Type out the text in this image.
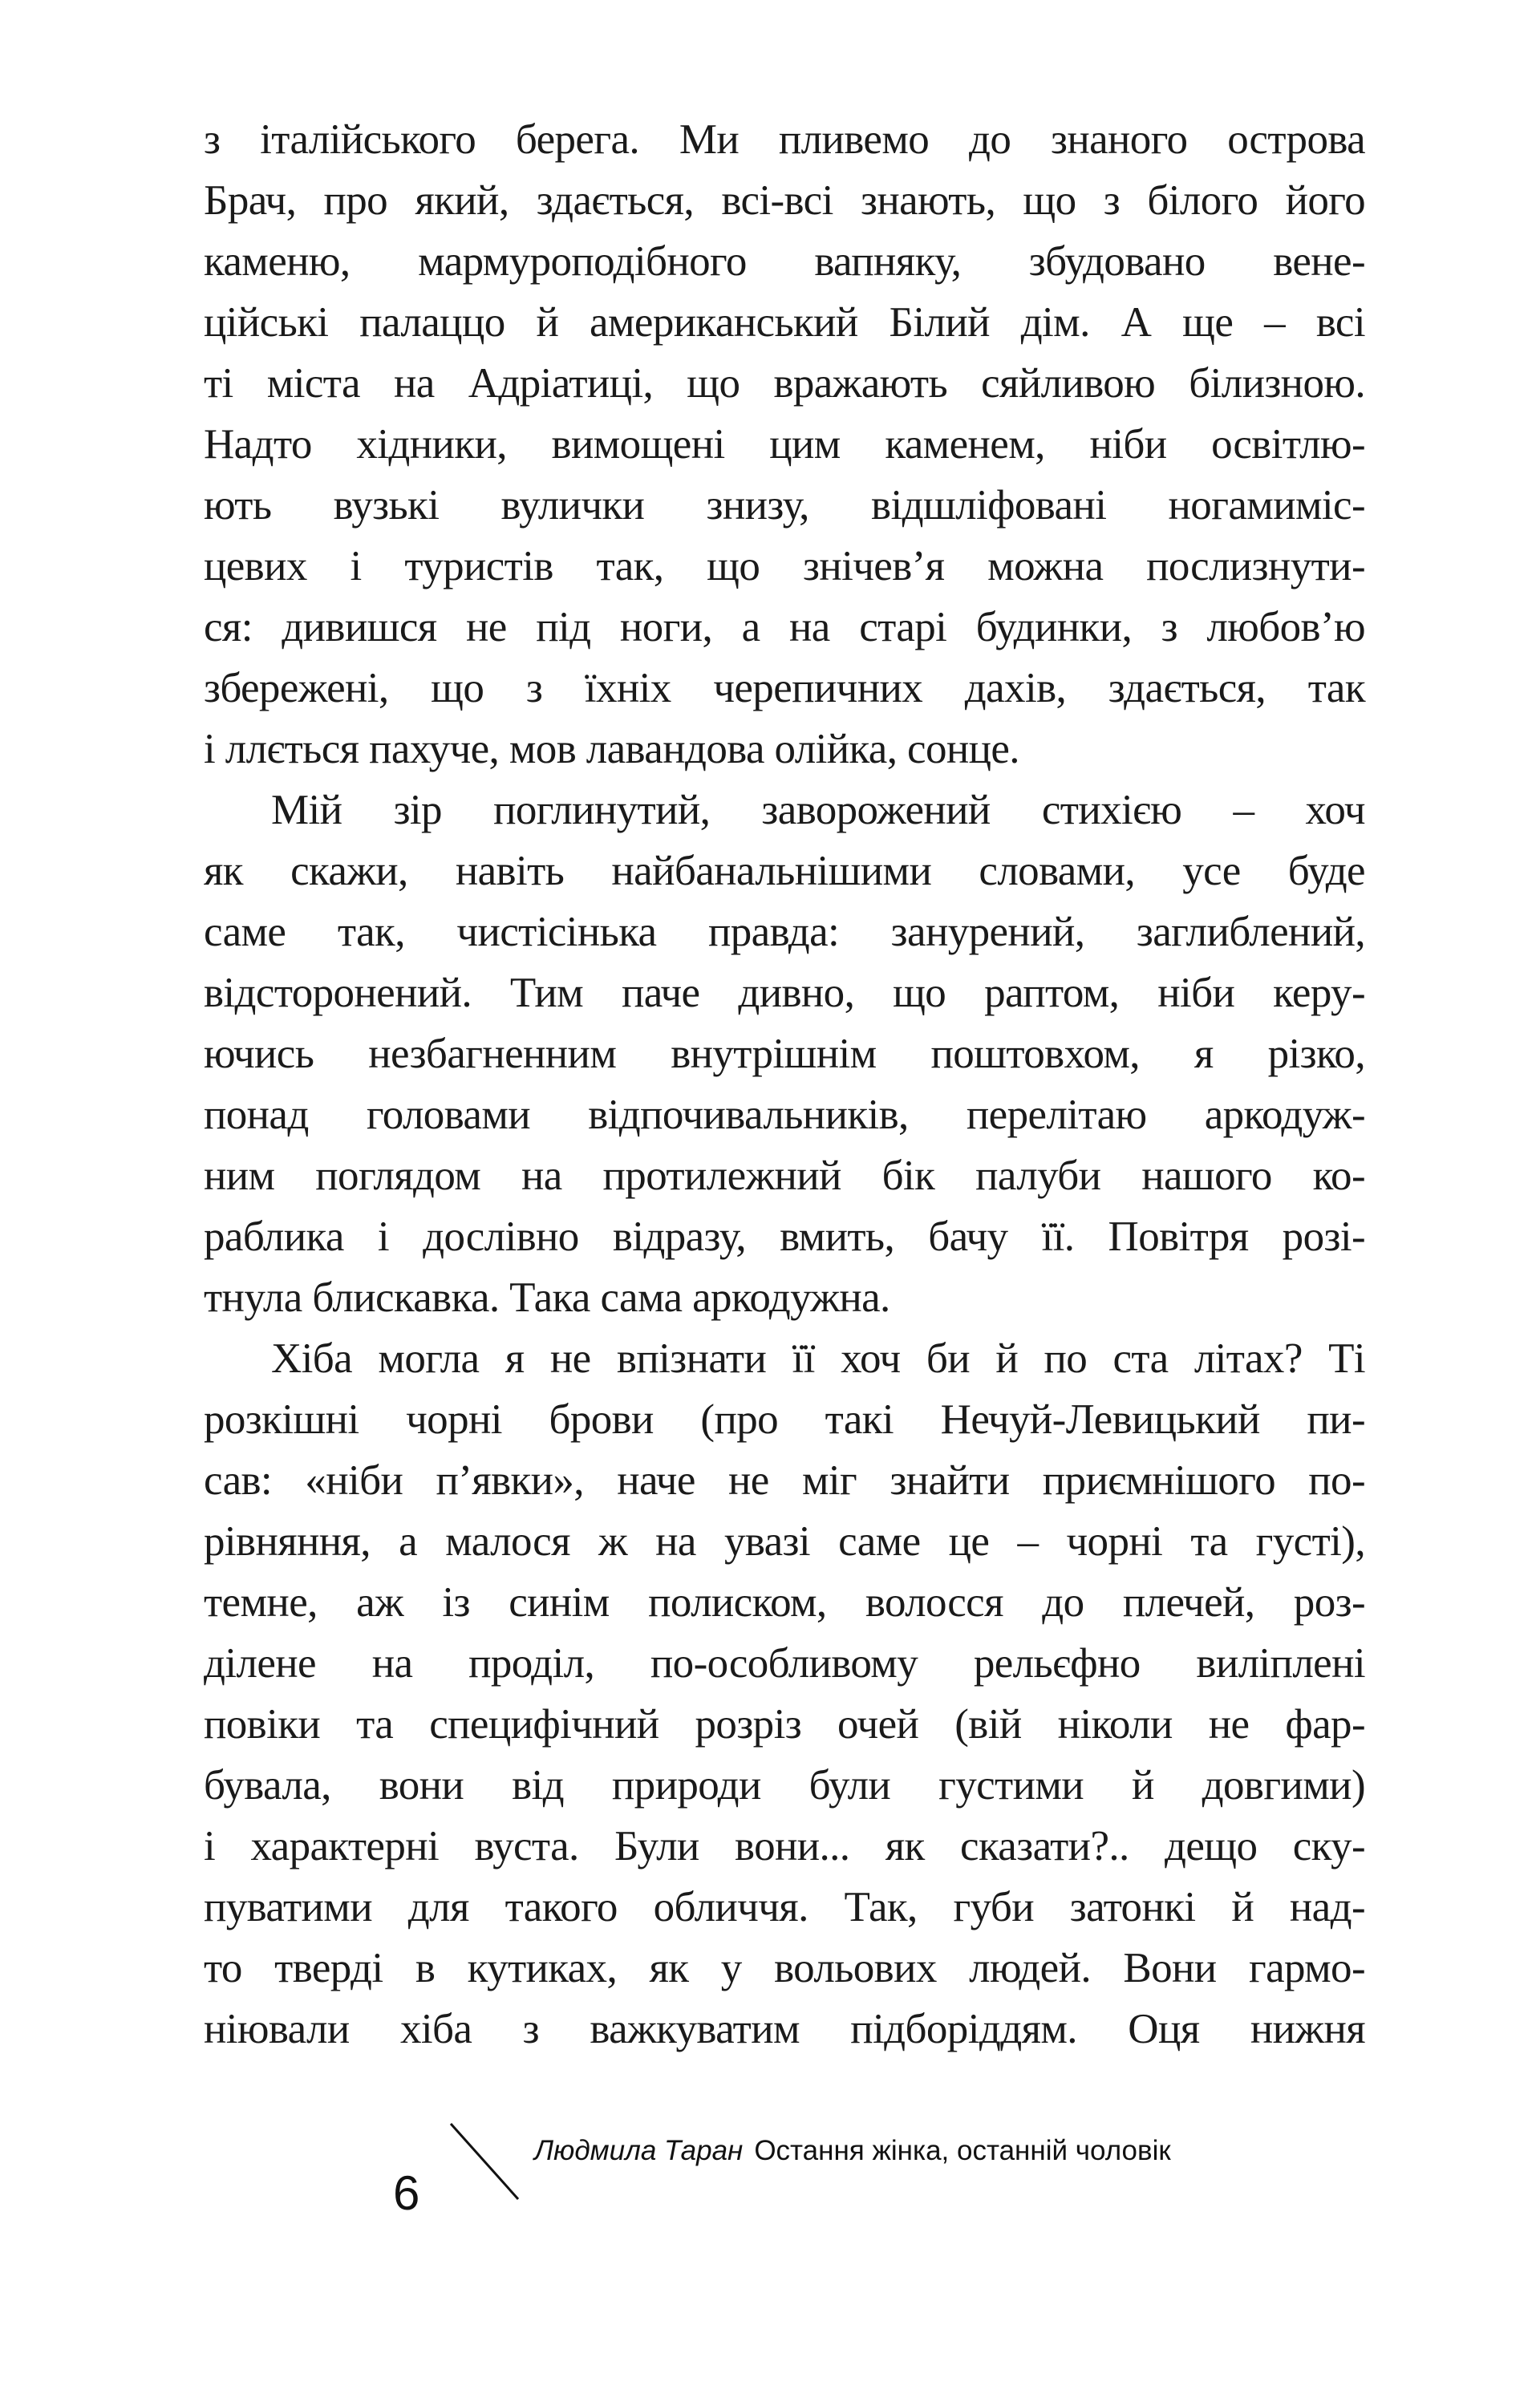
з італійського берега. Ми пливемо до знаного острова
Брач, про який, здається, всі-всі знають, що з білого його
каменю, мармуроподібного вапняку, збудовано вене-
ційські палаццо й американський Білий дім. А ще – всі
ті міста на Адріатиці, що вражають сяйливою білизною.
Надто хідники, вимощені цим каменем, ніби освітлю-
ють вузькі вулички знизу, відшліфовані ногамиміс-
цевих і туристів так, що знічев’я можна послизнути-
ся: дивишся не під ноги, а на старі будинки, з любов’ю
збережені, що з їхніх черепичних дахів, здається, так
і ллється пахуче, мов лавандова олійка, сонце.
Мій зір поглинутий, заворожений стихією – хоч
як скажи, навіть найбанальнішими словами, усе буде
саме так, чистісінька правда: занурений, заглиблений,
відсторонений. Тим паче дивно, що раптом, ніби керу-
ючись незбагненним внутрішнім поштовхом, я різко,
понад головами відпочивальників, перелітаю аркодуж-
ним поглядом на протилежний бік палуби нашого ко-
раблика і дослівно відразу, вмить, бачу її. Повітря розі-
тнула блискавка. Така сама аркодужна.
Хіба могла я не впізнати її хоч би й по ста літах? Ті
розкішні чорні брови (про такі Нечуй-Левицький пи-
сав: «ніби п’явки», наче не міг знайти приємнішого по-
рівняння, а малося ж на увазі саме це – чорні та густі),
темне, аж із синім полиском, волосся до плечей, роз-
ділене на проділ, по-особливому рельєфно виліплені
повіки та специфічний розріз очей (вій ніколи не фар-
бувала, вони від природи були густими й довгими)
і характерні вуста. Були вони... як сказати?.. дещо ску-
пуватими для такого обличчя. Так, губи затонкі й над-
то тверді в кутиках, як у вольових людей. Вони гармо-
ніювали хіба з важкуватим підборіддям. Оця нижня
6
Людмила Таран Остання жінка, останній чоловік
